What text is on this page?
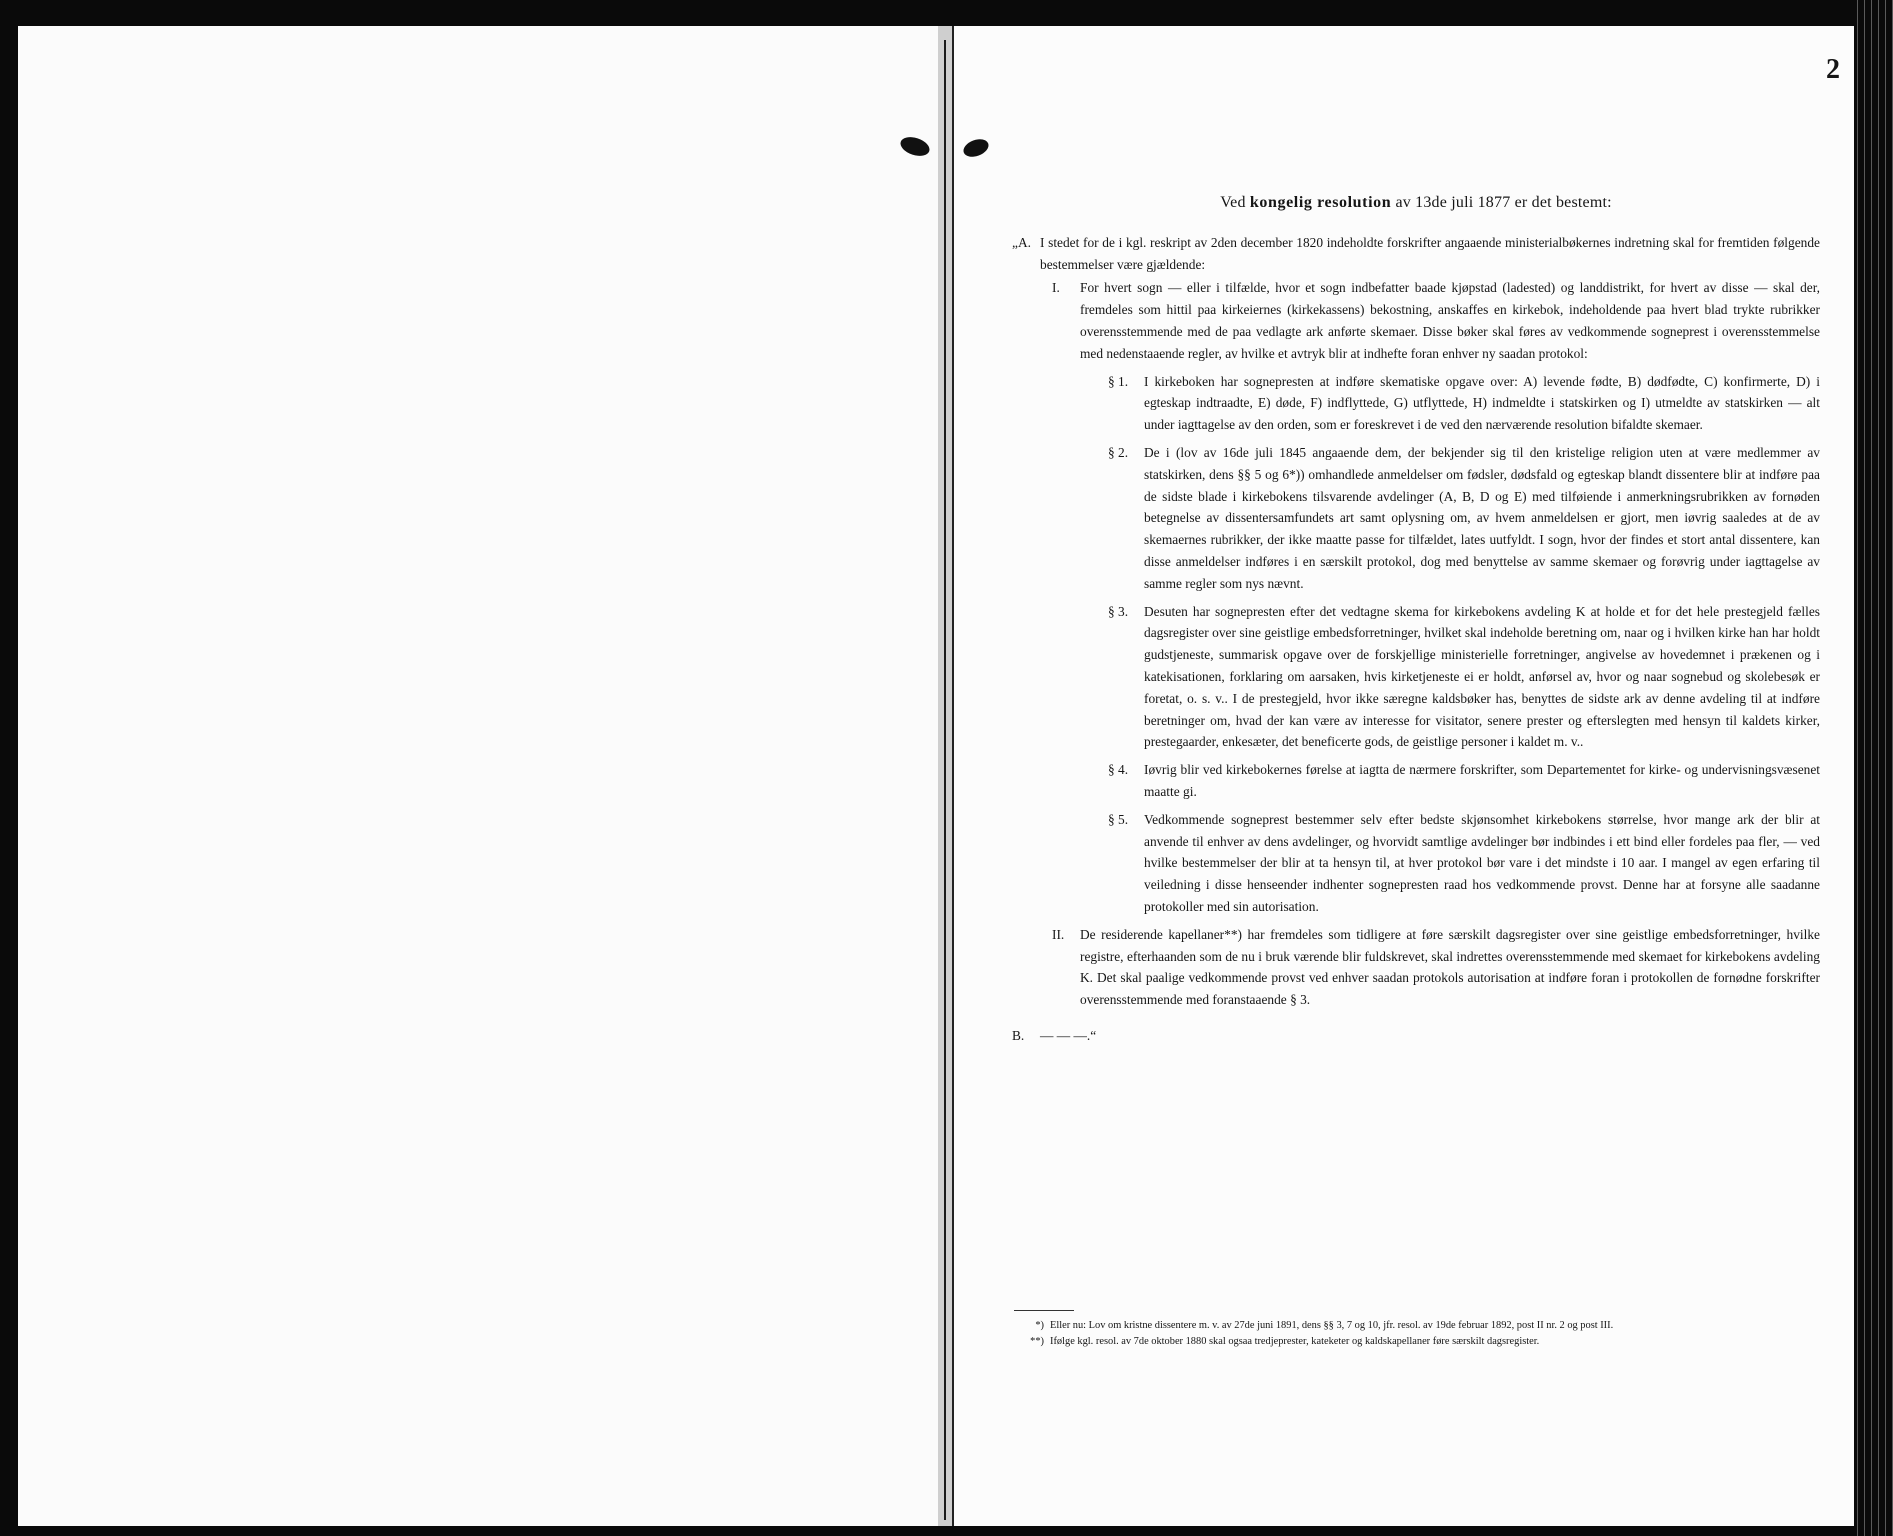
2
Ved kongelig resolution av 13de juli 1877 er det bestemt:
„A. I stedet for de i kgl. reskript av 2den december 1820 indeholdte forskrifter angaaende ministerialbøkernes indretning skal for fremtiden følgende bestemmelser være gjældende:

I.	For hvert sogn — eller i tilfælde, hvor et sogn indbefatter baade kjøpstad (ladested) og landdistrikt, for hvert av disse — skal der, fremdeles som hittil paa kirkeiernes (kirkekassens) bekostning, anskaffes en kirkebok, indeholdende paa hvert blad trykte rubrikker overensstemmende med de paa vedlagte ark anførte skemaer. Disse bøker skal føres av vedkommende sogneprest i overensstemmelse med nedenstaaende regler, av hvilke et avtryk blir at indhefte foran enhver ny saadan protokol:

§ 1.	I kirkeboken har sognepresten at indføre skematiske opgave over: A) levende fødte, B) dødfødte, C) konfirmerte, D) i egteskap indtraadte, E) døde, F) indflyttede, G) utflyttede, H) indmeldte i statskirken og I) utmeldte av statskirken — alt under iagttagelse av den orden, som er foreskrevet i de ved den nærværende resolution bifaldte skemaer.

§ 2.	De i (lov av 16de juli 1845 angaaende dem, der bekjender sig til den kristelige religion uten at være medlemmer av statskirken, dens §§ 5 og 6*)) omhandlede anmeldelser om fødsler, dødsfald og egteskap blandt dissentere blir at indføre paa de sidste blade i kirkebokens tilsvarende avdelinger (A, B, D og E) med tilføiende i anmerkningsrubrikken av fornøden betegnelse av dissentersamfundets art samt oplysning om, av hvem anmeldelsen er gjort, men iøvrig saaledes at de av skemaernes rubrikker, der ikke maatte passe for tilfældet, lates uutfyldt. I sogn, hvor der findes et stort antal dissentere, kan disse anmeldelser indføres i en særskilt protokol, dog med benyttelse av samme skemaer og forøvrig under iagttagelse av samme regler som nys nævnt.

§ 3.	Desuten har sognepresten efter det vedtagne skema for kirkebokens avdeling K at holde et for det hele prestegjeld fælles dagsregister over sine geistlige embedsforretninger, hvilket skal indeholde beretning om, naar og i hvilken kirke han har holdt gudstjeneste, summarisk opgave over de forskjellige ministerielle forretninger, angivelse av hovedemnet i prækenen og i katekisationen, forklaring om aarsaken, hvis kirketjeneste ei er holdt, anførsel av, hvor og naar sognebud og skolebesøk er foretat, o. s. v.. I de prestegjeld, hvor ikke særegne kaldsbøker has, benyttes de sidste ark av denne avdeling til at indføre beretninger om, hvad der kan være av interesse for visitator, senere prester og efterslegten med hensyn til kaldets kirker, prestegaarder, enkesæter, det beneficerte gods, de geistlige personer i kaldet m. v..

§ 4.	Iøvrig blir ved kirkebokernes førelse at iagtta de nærmere forskrifter, som Departementet for kirke- og undervisningsvæsenet maatte gi.

§ 5.	Vedkommende sogneprest bestemmer selv efter bedste skjønsomhet kirkebokens størrelse, hvor mange ark der blir at anvende til enhver av dens avdelinger, og hvorvidt samtlige avdelinger bør indbindes i ett bind eller fordeles paa fler, — ved hvilke bestemmelser der blir at ta hensyn til, at hver protokol bør vare i det mindste i 10 aar. I mangel av egen erfaring til veiledning i disse henseender indhenter sognepresten raad hos vedkommende provst. Denne har at forsyne alle saadanne protokoller med sin autorisation.

II.	De residerende kapellaner**) har fremdeles som tidligere at føre særskilt dagsregister over sine geistlige embedsforretninger, hvilke registre, efterhaanden som de nu i bruk værende blir fuldskrevet, skal indrettes overensstemmende med skemaet for kirkebokens avdeling K. Det skal paalige vedkommende provst ved enhver saadan protokols autorisation at indføre foran i protokollen de fornødne forskrifter overensstemmende med foranstaaende § 3.

B.	— — —.“
*) Eller nu: Lov om kristne dissentere m. v. av 27de juni 1891, dens §§ 3, 7 og 10, jfr. resol. av 19de februar 1892, post II nr. 2 og post III.
**) Ifølge kgl. resol. av 7de oktober 1880 skal ogsaa tredjeprester, kateketer og kaldskapellaner føre særskilt dagsregister.
